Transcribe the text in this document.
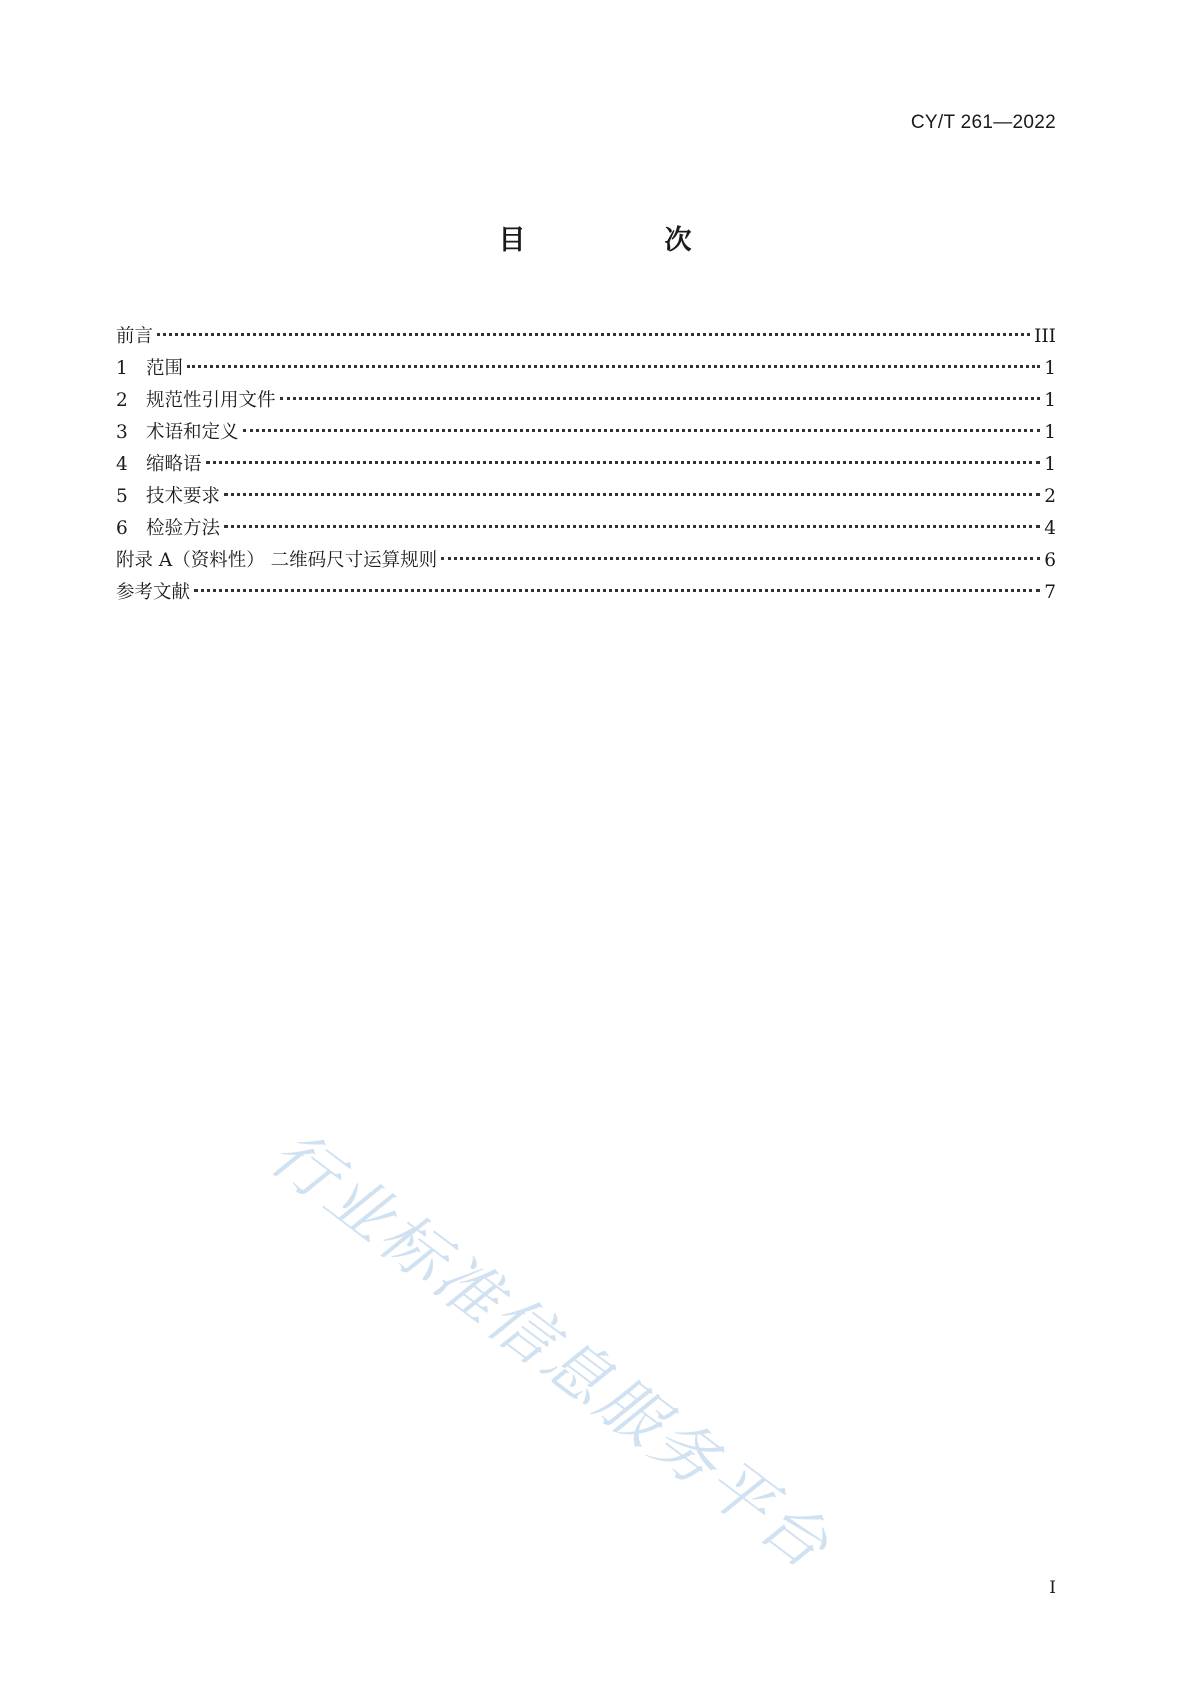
CY/T 261—2022
目　次
前言	III
1 范围	1
2 规范性引用文件	1
3 术语和定义	1
4 缩略语	1
5 技术要求	2
6 检验方法	4
附录 A（资料性） 二维码尺寸运算规则	6
参考文献	7
行业标准信息服务平台
I
